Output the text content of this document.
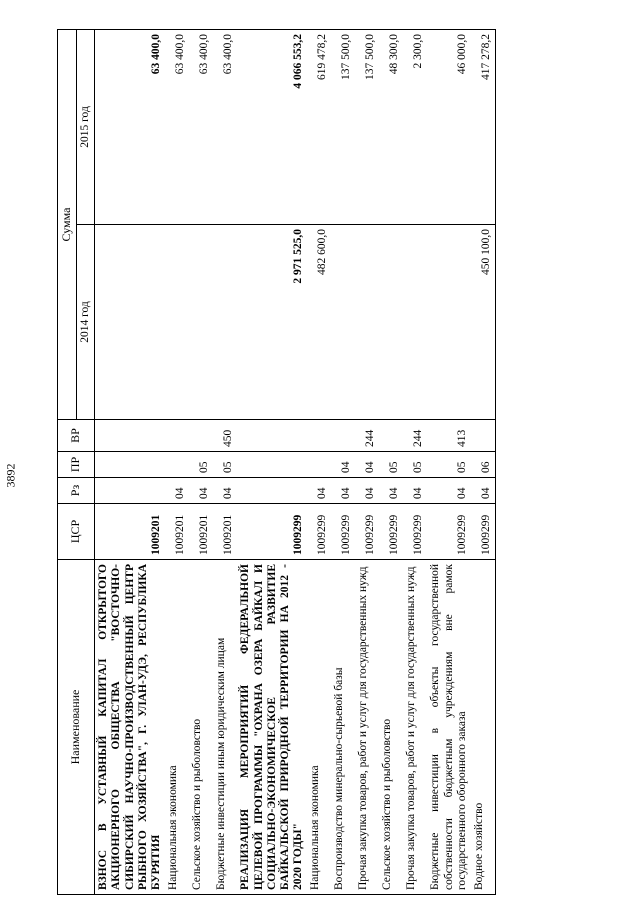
3892
Наименование	ЦСР	Рз	ПР	ВР	Сумма	
					2014 год	2015 год
ВЗНОС В УСТАВНЫЙ КАПИТАЛ ОТКРЫТОГО АКЦИОНЕРНОГО ОБЩЕСТВА "ВОСТОЧНО-СИБИРСКИЙ НАУЧНО-ПРОИЗВОДСТВЕННЫЙ ЦЕНТР РЫБНОГО ХОЗЯЙСТВА", Г. УЛАН-УДЭ, РЕСПУБЛИКА БУРЯТИЯ	1009201					63 400,0
Национальная экономика	1009201	04				63 400,0
Сельское хозяйство и рыболовство	1009201	04	05			63 400,0
Бюджетные инвестиции иным юридическим лицам	1009201	04	05	450		63 400,0
РЕАЛИЗАЦИЯ МЕРОПРИЯТИЙ ФЕДЕРАЛЬНОЙ ЦЕЛЕВОЙ ПРОГРАММЫ "ОХРАНА ОЗЕРА БАЙКАЛ И СОЦИАЛЬНО-ЭКОНОМИЧЕСКОЕ РАЗВИТИЕ БАЙКАЛЬСКОЙ ПРИРОДНОЙ ТЕРРИТОРИИ НА 2012 - 2020 ГОДЫ"	1009299				2 971 525,0	4 066 553,2
Национальная экономика	1009299	04			482 600,0	619 478,2
Воспроизводство минерально-сырьевой базы	1009299	04	04			137 500,0
Прочая закупка товаров, работ и услуг для государственных нужд	1009299	04	04	244		137 500,0
Сельское хозяйство и рыболовство	1009299	04	05			48 300,0
Прочая закупка товаров, работ и услуг для государственных нужд	1009299	04	05	244		2 300,0
Бюджетные инвестиции в объекты государственной собственности бюджетным учреждениям вне рамок государственного оборонного заказа	1009299	04	05	413		46 000,0
Водное хозяйство	1009299	04	06		450 100,0	417 278,2
